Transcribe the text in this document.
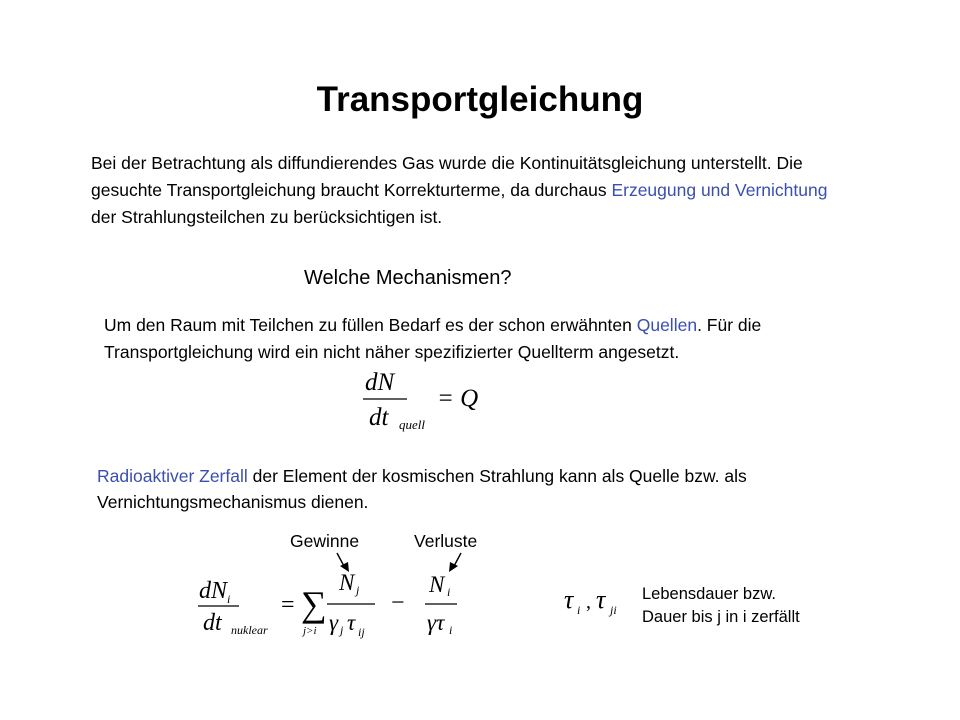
Transportgleichung
Bei der Betrachtung als diffundierendes Gas wurde die Kontinuitätsgleichung unterstellt. Die gesuchte Transportgleichung braucht Korrekturterme, da durchaus Erzeugung und Vernichtung der Strahlungsteilchen zu berücksichtigen ist.
Welche Mechanismen?
Um den Raum mit Teilchen zu füllen Bedarf es der schon erwähnten Quellen. Für die Transportgleichung wird ein nicht näher spezifizierter Quellterm angesetzt.
dN
dt quell
= Q
Radioaktiver Zerfall der Element der kosmischen Strahlung kann als Quelle bzw. als Vernichtungsmechanismus dienen.
Gewinne	Verluste
dN i
dt nuklear
= ∑
j>i
N j
γ j τ ij
−
N i
γτ i
τ i , τ ji
Lebensdauer bzw.
Dauer bis j in i zerfällt
